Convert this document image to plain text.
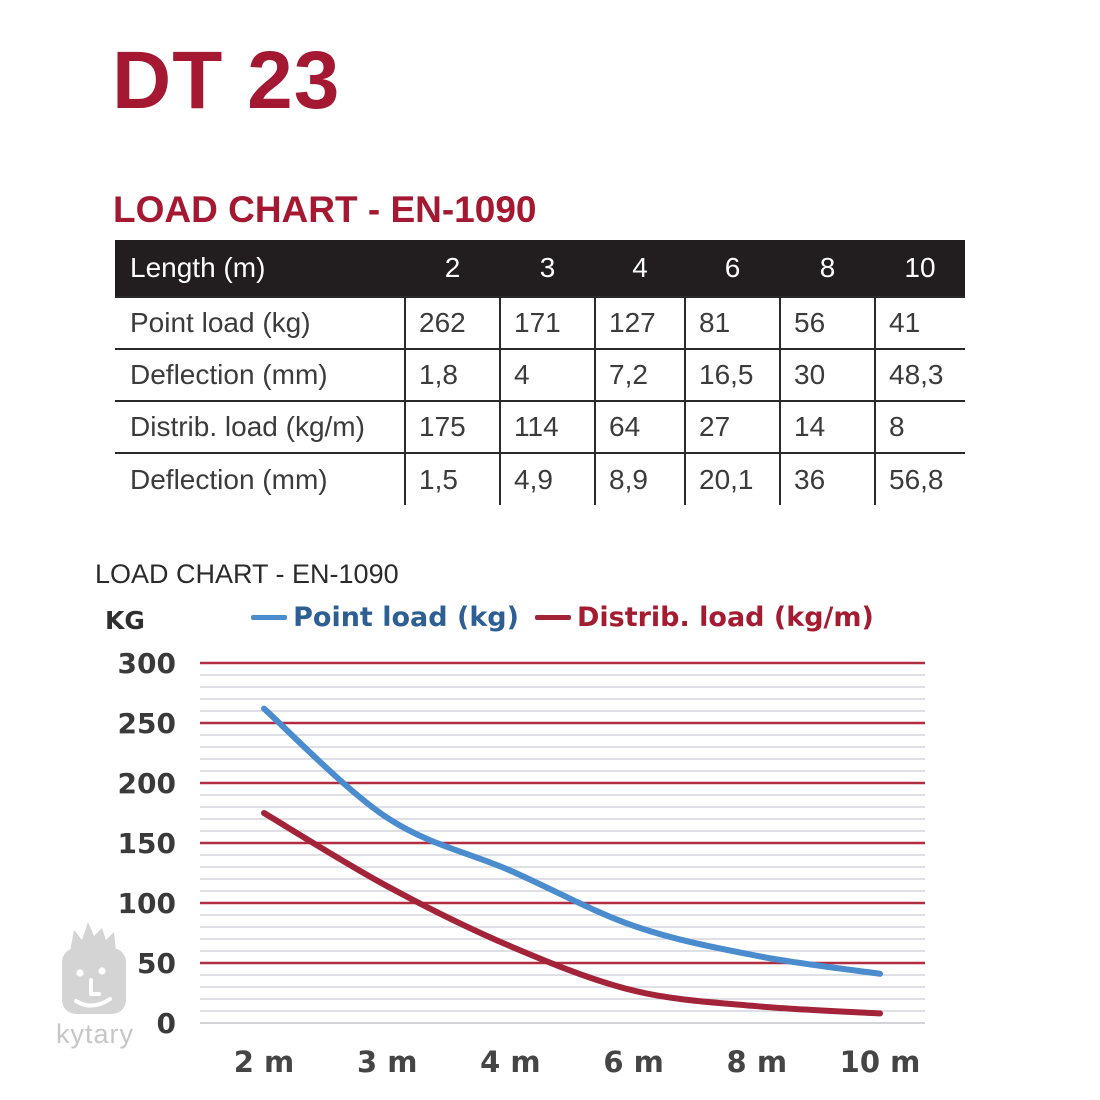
DT 23
LOAD CHART - EN-1090
Length (m)	2	3	4	6	8	10
Point load (kg)	262	171	127	81	56	41
Deflection (mm)	1,8	4	7,2	16,5	30	48,3
Distrib. load (kg/m)	175	114	64	27	14	8
Deflection (mm)	1,5	4,9	8,9	20,1	36	56,8
LOAD CHART - EN-1090
KG	Point load (kg) Distrib. load (kg/m)
0
50
100
150
200
250
300
2 m 3 m 4 m 6 m 8 m 10 m
kytary
